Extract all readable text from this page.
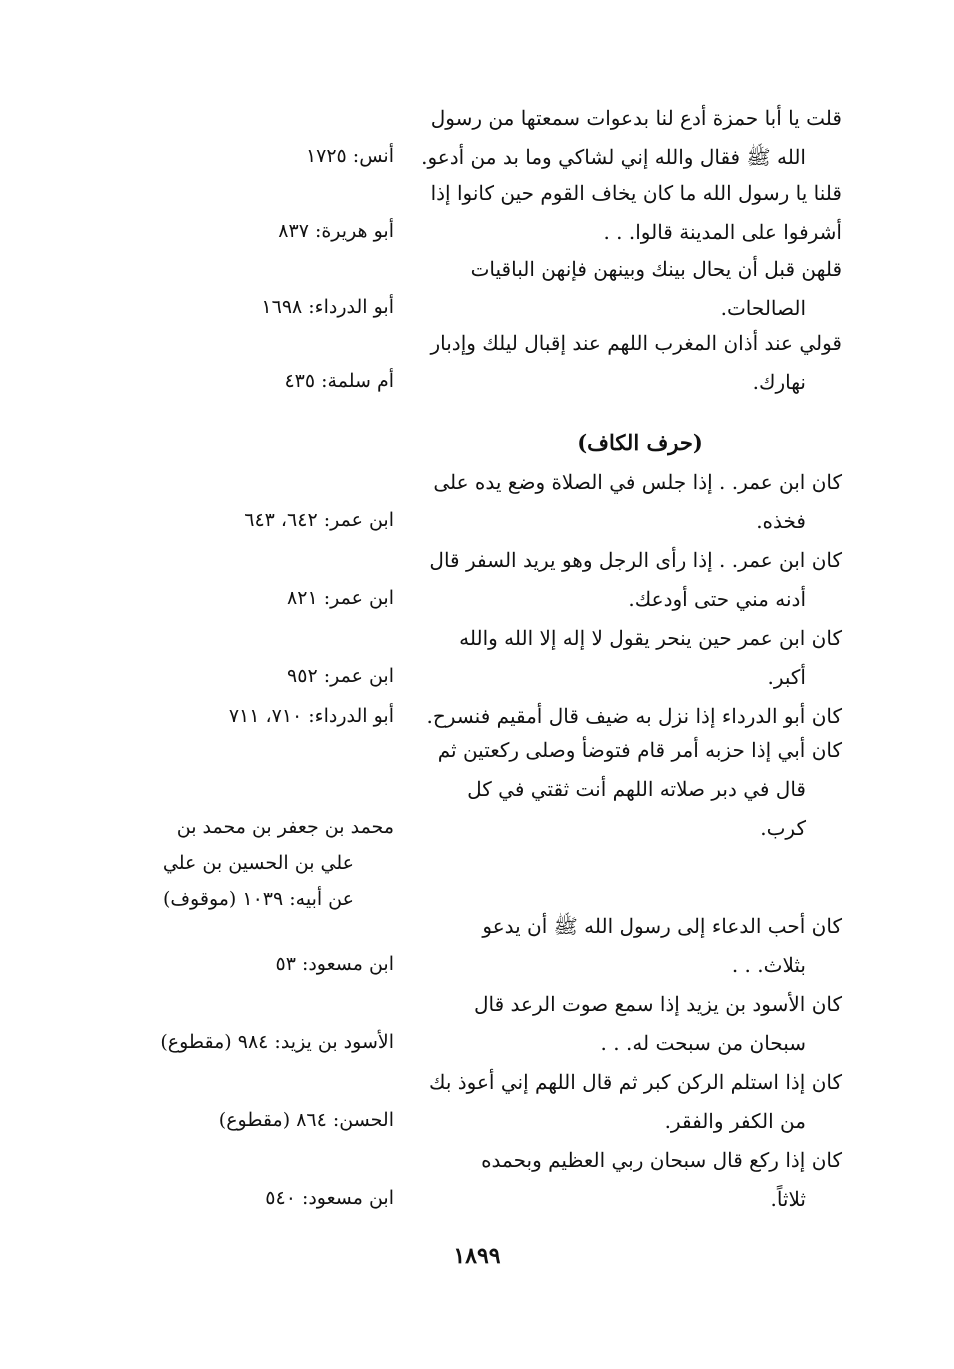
قلت يا أبا حمزة أدع لنا بدعوات سمعتها من رسول
الله ﷺ فقال والله إني لشاكي وما بد من أدعو.
أنس: ١٧٢٥
قلنا يا رسول الله ما كان يخاف القوم حين كانوا إذا
أشرفوا على المدينة قالوا. . .
أبو هريرة: ٨٣٧
قلهن قبل أن يحال بينك وبينهن فإنهن الباقيات
الصالحات.
أبو الدرداء: ١٦٩٨
قولي عند أذان المغرب اللهم عند إقبال ليلك وإدبار
نهارك.
أم سلمة: ٤٣٥
(حرف الكاف)
كان ابن عمر. . إذا جلس في الصلاة وضع يده على
فخذه.
ابن عمر: ٦٤٢، ٦٤٣
كان ابن عمر. . إذا رأى الرجل وهو يريد السفر قال
أدنه مني حتى أودعك.
ابن عمر: ٨٢١
كان ابن عمر حين ينحر يقول لا إله إلا الله والله
أكبر.
ابن عمر: ٩٥٢
كان أبو الدرداء إذا نزل به ضيف قال أمقيم فنسرح.
أبو الدرداء: ٧١٠، ٧١١
كان أبي إذا حزبه أمر قام فتوضأ وصلى ركعتين ثم
قال في دبر صلاته اللهم أنت ثقتي في كل
كرب.
محمد بن جعفر بن محمد بن
علي بن الحسين بن علي
عن أبيه: ١٠٣٩ (موقوف)
كان أحب الدعاء إلى رسول الله ﷺ أن يدعو
بثلاث. . .
ابن مسعود: ٥٣
كان الأسود بن يزيد إذا سمع صوت الرعد قال
سبحان من سبحت له. . .
الأسود بن يزيد: ٩٨٤ (مقطوع)
كان إذا استلم الركن كبر ثم قال اللهم إني أعوذ بك
من الكفر والفقر.
الحسن: ٨٦٤ (مقطوع)
كان إذا ركع قال سبحان ربي العظيم وبحمده
ثلاثاً.
ابن مسعود: ٥٤٠
١٨٩٩
